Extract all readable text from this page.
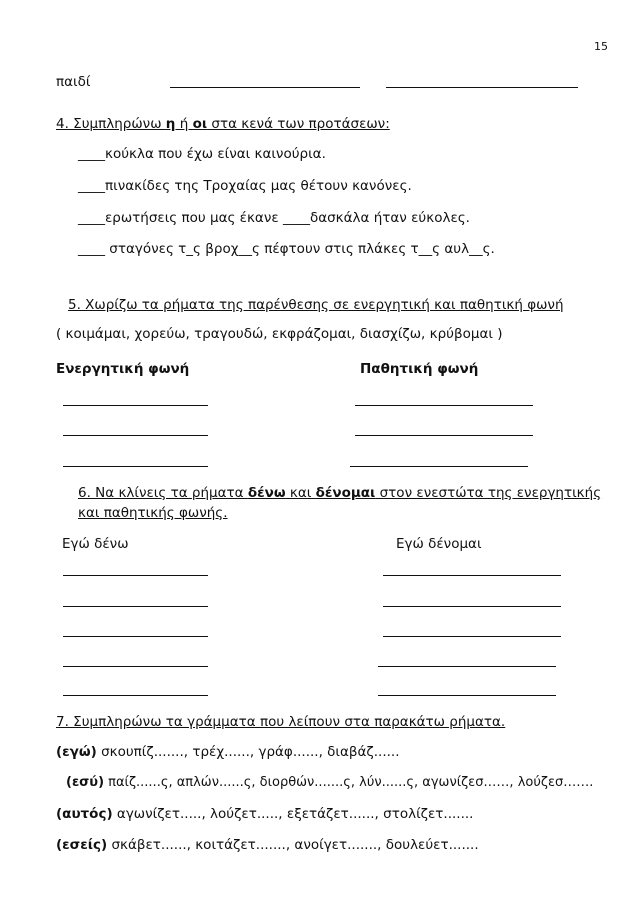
15
παιδί
4. Συμπληρώνω η ή οι στα κενά των προτάσεων:
____κούκλα που έχω είναι καινούρια.
____πινακίδες της Τροχαίας μας θέτουν κανόνες.
____ερωτήσεις που μας έκανε ____δασκάλα ήταν εύκολες.
____ σταγόνες τ_ς βροχ__ς πέφτουν στις πλάκες τ__ς αυλ__ς.
5. Χωρίζω τα ρήματα της παρένθεσης σε ενεργητική και παθητική φωνή
( κοιμάμαι, χορεύω, τραγουδώ, εκφράζομαι, διασχίζω, κρύβομαι )
Ενεργητική φωνή	Παθητική φωνή
6. Να κλίνεις τα ρήματα δένω και δένομαι στον ενεστώτα της ενεργητικής
και παθητικής φωνής.
Εγώ δένω	Εγώ δένομαι
7. Συμπληρώνω τα γράμματα που λείπουν στα παρακάτω ρήματα.
(εγώ) σκουπίζ......., τρέχ......, γράφ......, διαβάζ......
(εσύ) παίζ......ς, απλών......ς, διορθών.......ς, λύν......ς, αγωνίζεσ……, λούζεσ…….
(αυτός) αγωνίζετ....., λούζετ....., εξετάζετ......, στολίζετ.......
(εσείς) σκάβετ......, κοιτάζετ......., ανοίγετ......., δουλεύετ.......
